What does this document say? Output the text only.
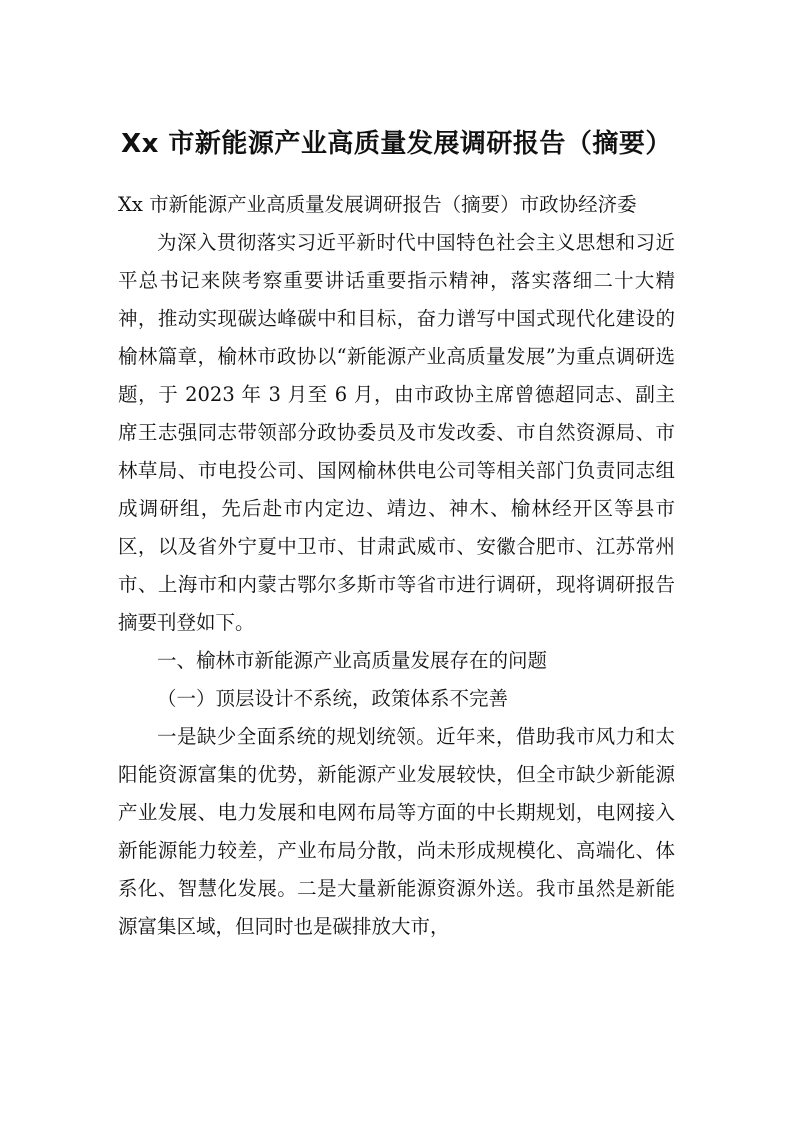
Xx 市新能源产业高质量发展调研报告（摘要）

Xx 市新能源产业高质量发展调研报告（摘要）市政协经济委

为深入贯彻落实习近平新时代中国特色社会主义思想和习近平总书记来陕考察重要讲话重要指示精神，落实落细二十大精神，推动实现碳达峰碳中和目标，奋力谱写中国式现代化建设的榆林篇章，榆林市政协以“新能源产业高质量发展”为重点调研选题，于 2023 年 3 月至 6 月，由市政协主席曾德超同志、副主席王志强同志带领部分政协委员及市发改委、市自然资源局、市林草局、市电投公司、国网榆林供电公司等相关部门负责同志组成调研组，先后赴市内定边、靖边、神木、榆林经开区等县市区，以及省外宁夏中卫市、甘肃武威市、安徽合肥市、江苏常州市、上海市和内蒙古鄂尔多斯市等省市进行调研，现将调研报告摘要刊登如下。

一、榆林市新能源产业高质量发展存在的问题

（一）顶层设计不系统，政策体系不完善

一是缺少全面系统的规划统领。近年来，借助我市风力和太阳能资源富集的优势，新能源产业发展较快，但全市缺少新能源产业发展、电力发展和电网布局等方面的中长期规划，电网接入新能源能力较差，产业布局分散，尚未形成规模化、高端化、体系化、智慧化发展。二是大量新能源资源外送。我市虽然是新能源富集区域，但同时也是碳排放大市，
